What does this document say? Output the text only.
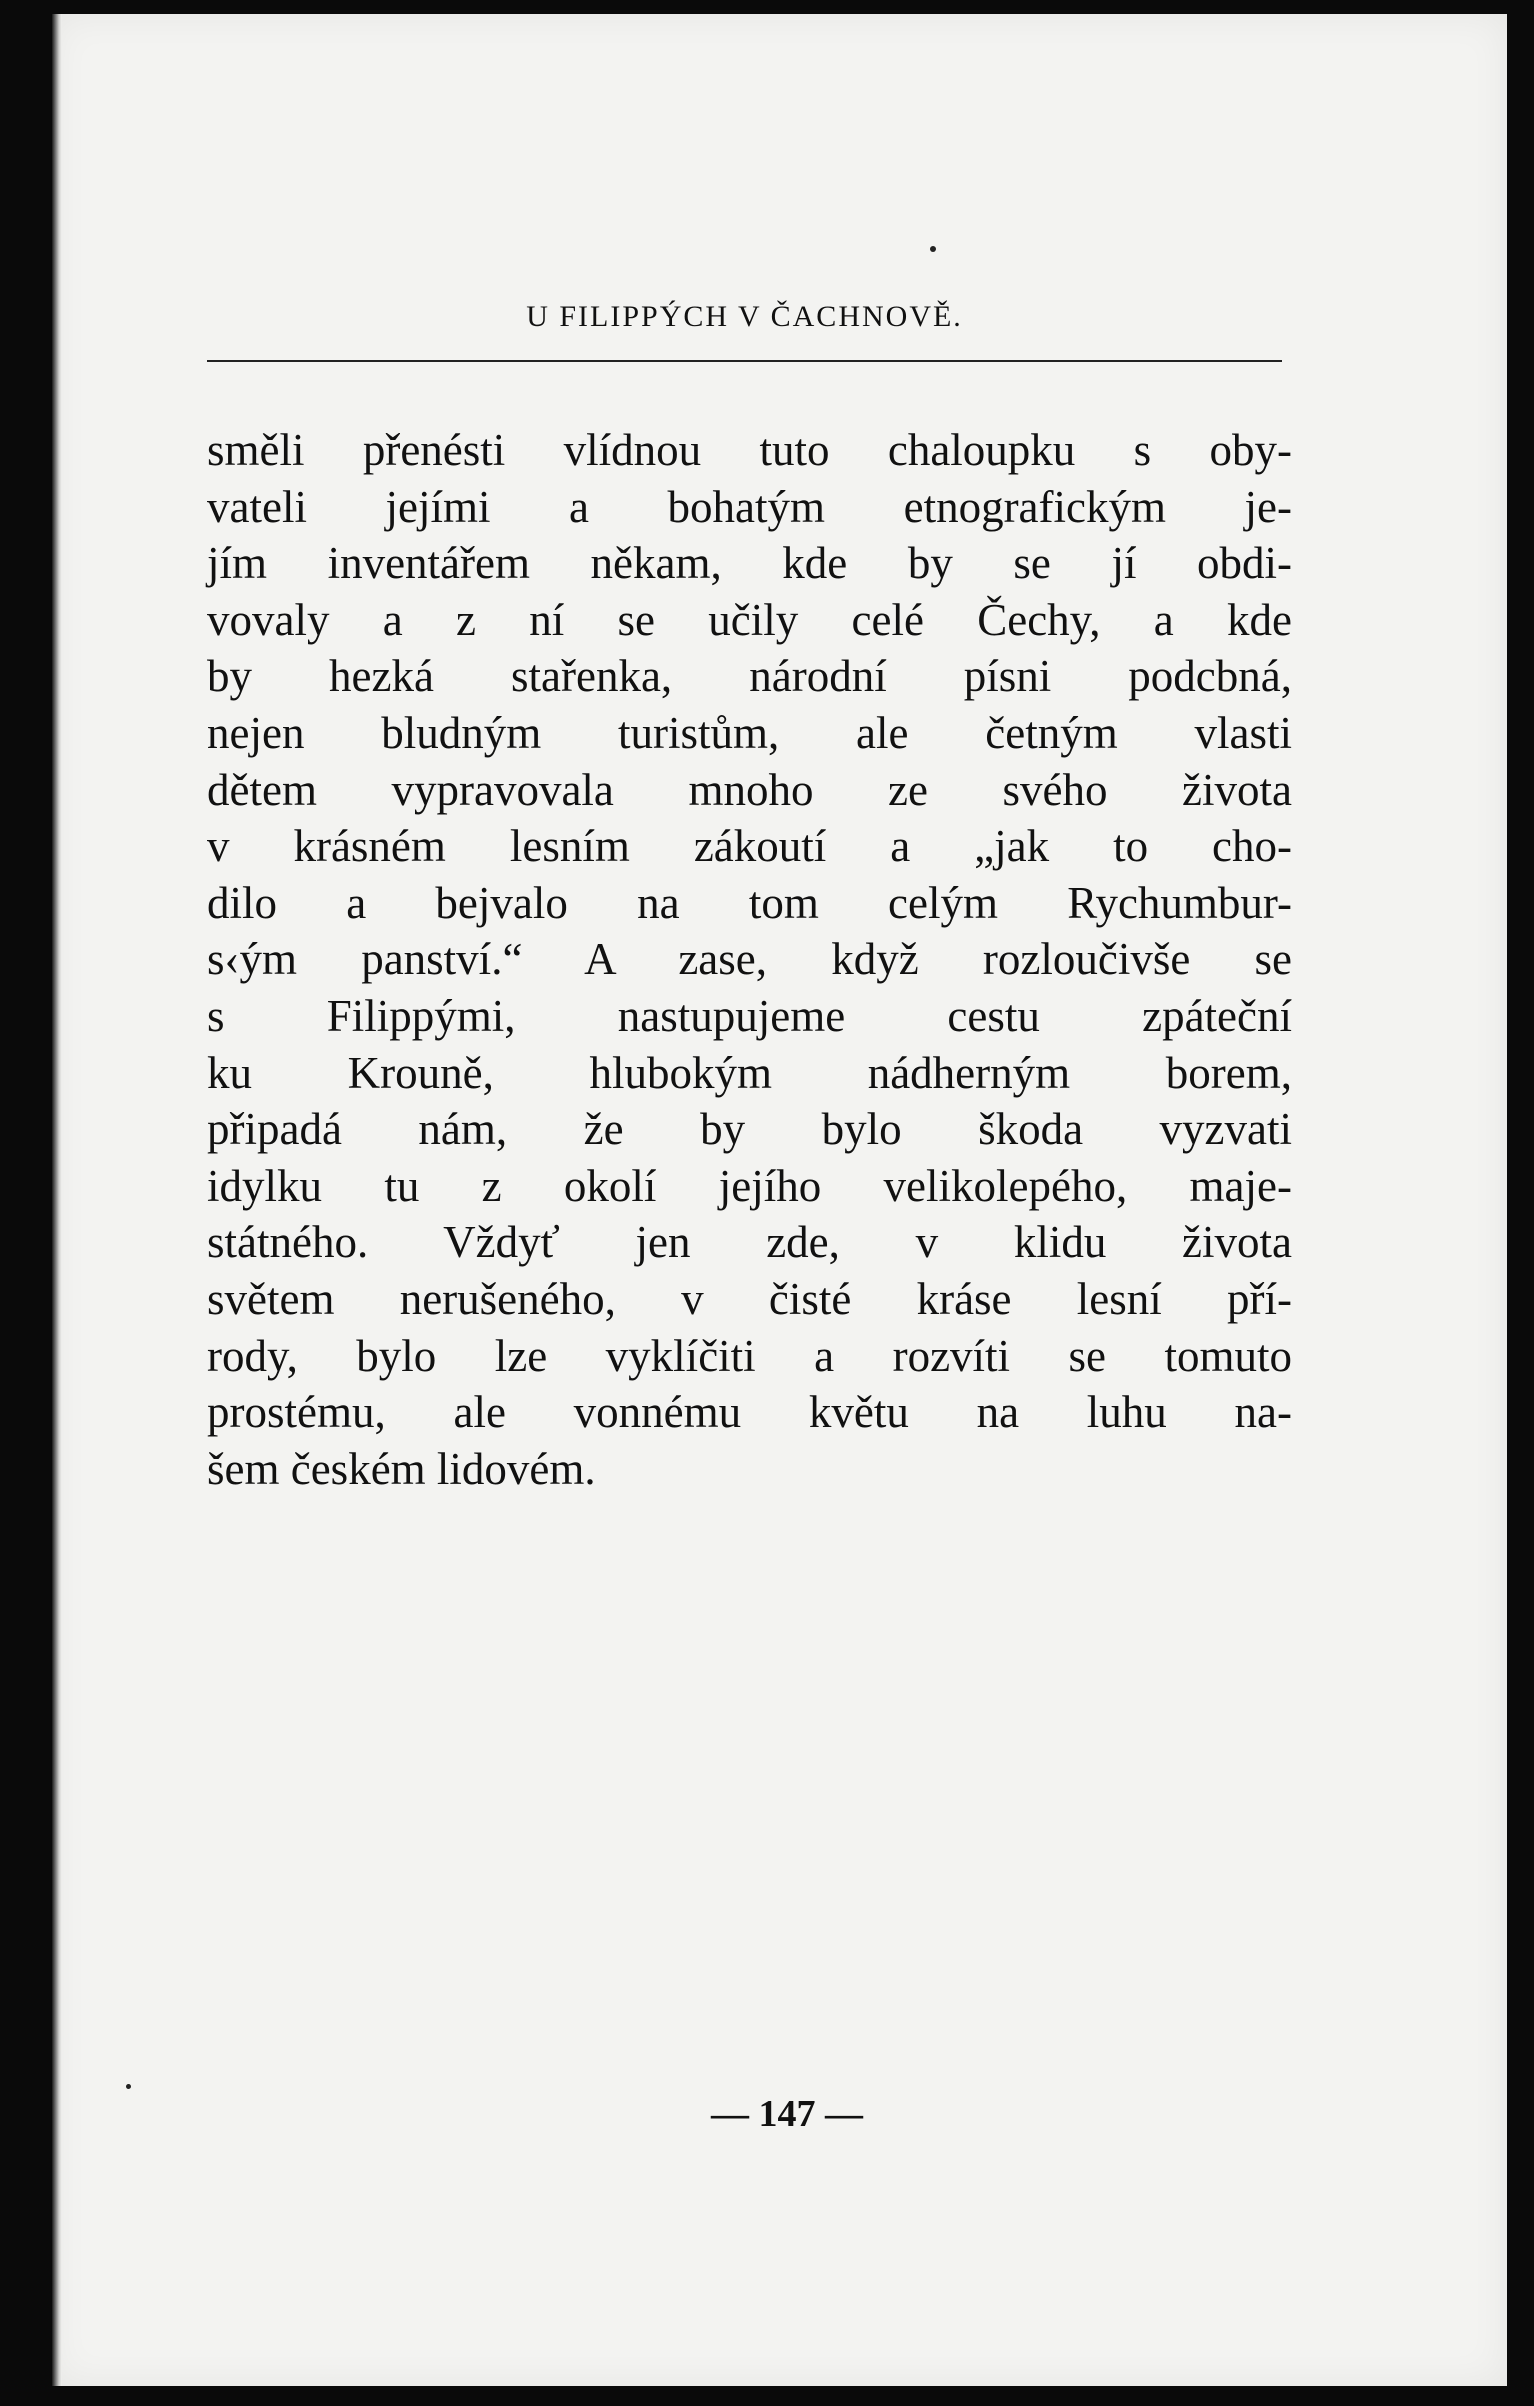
U FILIPPÝCH V ČACHNOVĚ.
směli přenésti vlídnou tuto chaloupku s oby-
vateli jejími a bohatým etnografickým je-
jím inventářem někam, kde by se jí obdi-
vovaly a z ní se učily celé Čechy, a kde
by hezká stařenka, národní písni podcbná,
nejen bludným turistům, ale četným vlasti
dětem vypravovala mnoho ze svého života
v krásném lesním zákoutí a „jak to cho-
dilo a bejvalo na tom celým Rychumbur-
s‹ým panství.“ A zase, když rozloučivše se
s Filippými, nastupujeme cestu zpáteční
ku Krouně, hlubokým nádherným borem,
připadá nám, že by bylo škoda vyzvati
idylku tu z okolí jejího velikolepého, maje-
státného. Vždyť jen zde, v klidu života
světem nerušeného, v čisté kráse lesní pří-
rody, bylo lze vyklíčiti a rozvíti se tomuto
prostému, ale vonnému květu na luhu na-
šem českém lidovém.
— 147 —
